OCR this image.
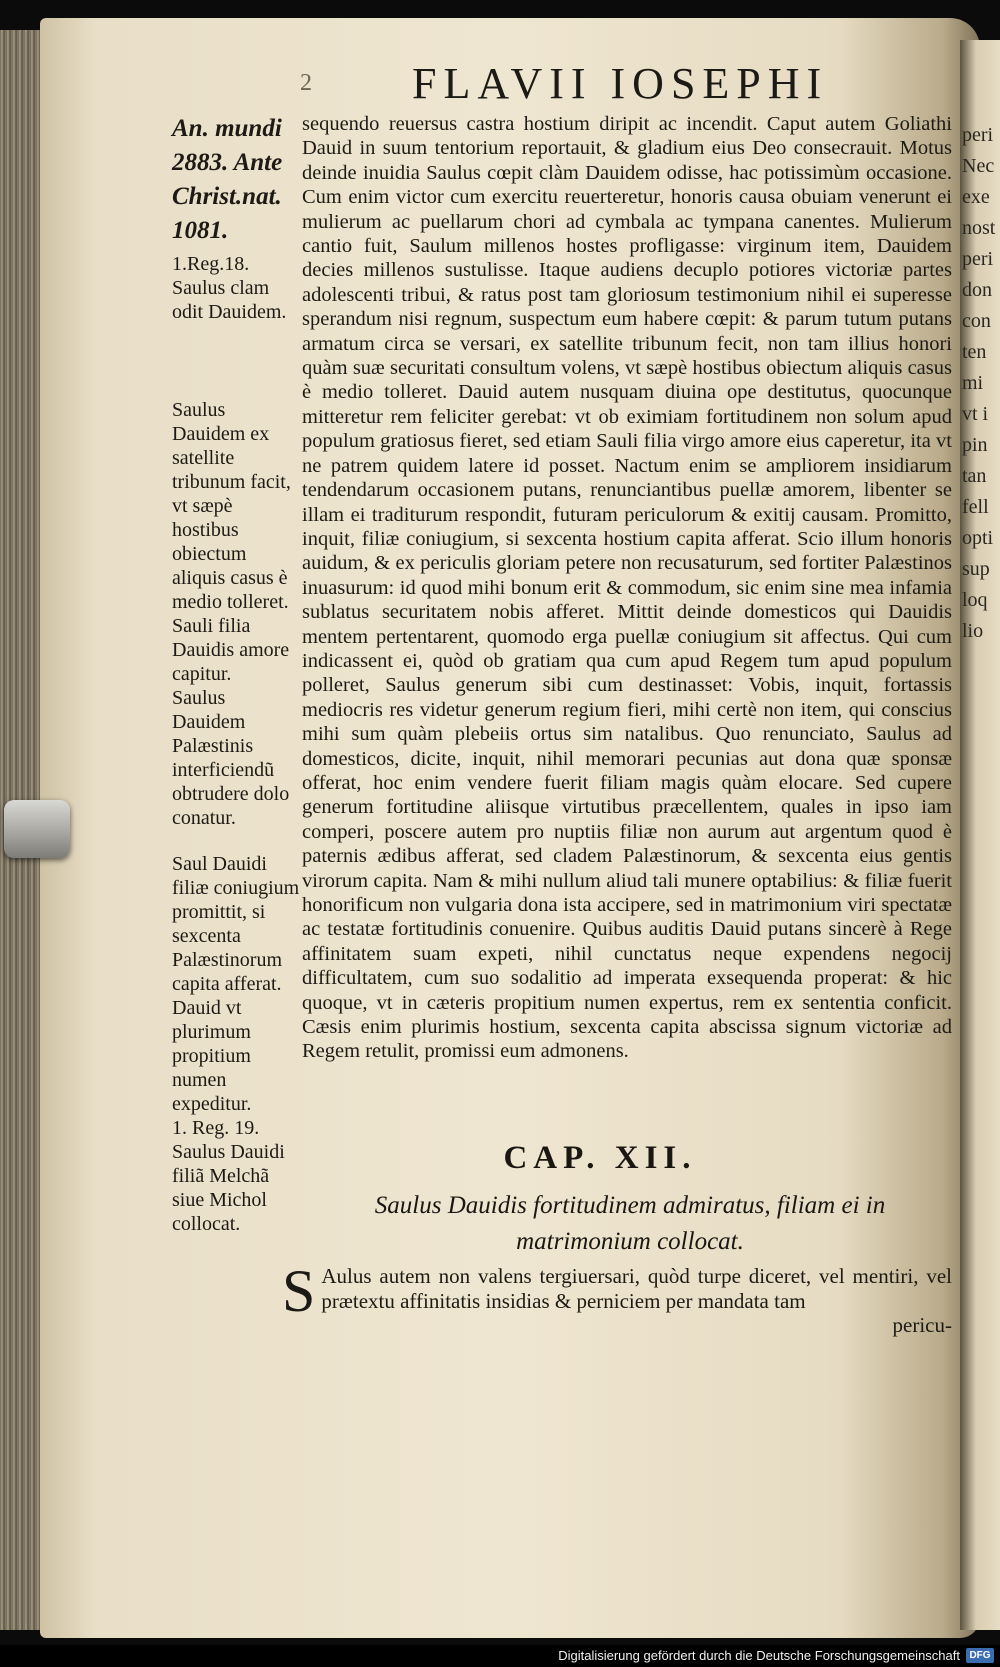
peri
Nec
exe
nost
peri
don
con
ten
mi
vt i
pin
tan
fell
opti
sup
loq
lio
2 FLAVII IOSEPHI
An. mundi
2883. Ante
Christ.nat.
1081.

1.Reg.18. Saulus clam odit Dauidem.

Saulus Dauidem ex satellite tribunum facit, vt sæpè hostibus obiectum aliquis casus è medio tolleret.

Sauli filia Dauidis amore capitur.

Saulus Dauidem Palæstinis interficiendũ obtrudere dolo conatur.

Saul Dauidi filiæ coniugium promittit, si sexcenta Palæstinorum capita afferat.

Dauid vt plurimum propitium numen expeditur.

1. Reg. 19. Saulus Dauidi filiã Melchã siue Michol collocat.

sequendo reuersus castra hostium diripit ac incendit. Caput autem Goliathi Dauid in suum tentorium reportauit, & gladium eius Deo consecrauit. Motus deinde inuidia Saulus cœpit clàm Dauidem odisse, hac potissimùm occasione. Cum enim victor cum exercitu reuerteretur, honoris causa obuiam venerunt ei mulierum ac puellarum chori ad cymbala ac tympana canentes. Mulierum cantio fuit, Saulum millenos hostes profligasse: virginum item, Dauidem decies millenos sustulisse. Itaque audiens decuplo potiores victoriæ partes adolescenti tribui, & ratus post tam gloriosum testimonium nihil ei superesse sperandum nisi regnum, suspectum eum habere cœpit: & parum tutum putans armatum circa se versari, ex satellite tribunum fecit, non tam illius honori quàm suæ securitati consultum volens, vt sæpè hostibus obiectum aliquis casus è medio tolleret. Dauid autem nusquam diuina ope destitutus, quocunque mitteretur rem feliciter gerebat: vt ob eximiam fortitudinem non solum apud populum gratiosus fieret, sed etiam Sauli filia virgo amore eius caperetur, ita vt ne patrem quidem latere id posset. Nactum enim se ampliorem insidiarum tendendarum occasionem putans, renunciantibus puellæ amorem, libenter se illam ei traditurum respondit, futuram periculorum & exitij causam. Promitto, inquit, filiæ coniugium, si sexcenta hostium capita afferat. Scio illum honoris auidum, & ex periculis gloriam petere non recusaturum, sed fortiter Palæstinos inuasurum: id quod mihi bonum erit & commodum, sic enim sine mea infamia sublatus securitatem nobis afferet. Mittit deinde domesticos qui Dauidis mentem pertentarent, quomodo erga puellæ coniugium sit affectus. Qui cum indicassent ei, quòd ob gratiam qua cum apud Regem tum apud populum polleret, Saulus generum sibi cum destinasset: Vobis, inquit, fortassis mediocris res videtur generum regium fieri, mihi certè non item, qui conscius mihi sum quàm plebeiis ortus sim natalibus. Quo renunciato, Saulus ad domesticos, dicite, inquit, nihil memorari pecunias aut dona quæ sponsæ offerat, hoc enim vendere fuerit filiam magis quàm elocare. Sed cupere generum fortitudine aliisque virtutibus præcellentem, quales in ipso iam comperi, poscere autem pro nuptiis filiæ non aurum aut argentum quod è paternis ædibus afferat, sed cladem Palæstinorum, & sexcenta eius gentis virorum capita. Nam & mihi nullum aliud tali munere optabilius: & filiæ fuerit honorificum non vulgaria dona ista accipere, sed in matrimonium viri spectatæ ac testatæ fortitudinis conuenire. Quibus auditis Dauid putans sincerè à Rege affinitatem suam expeti, nihil cunctatus neque expendens negocij difficultatem, cum suo sodalitio ad imperata exsequenda properat: & hic quoque, vt in cæteris propitium numen expertus, rem ex sententia conficit. Cæsis enim plurimis hostium, sexcenta capita abscissa signum victoriæ ad Regem retulit, promissi eum admonens.

CAP. XII.
Saulus Dauidis fortitudinem admiratus, filiam ei in matrimonium collocat.
S Aulus autem non valens tergiuersari, quòd turpe diceret, vel mentiri, vel prætextu affinitatis insidias & perniciem per mandata tam

pericu-

Digitalisierung gefördert durch die Deutsche Forschungsgemeinschaft DFG
